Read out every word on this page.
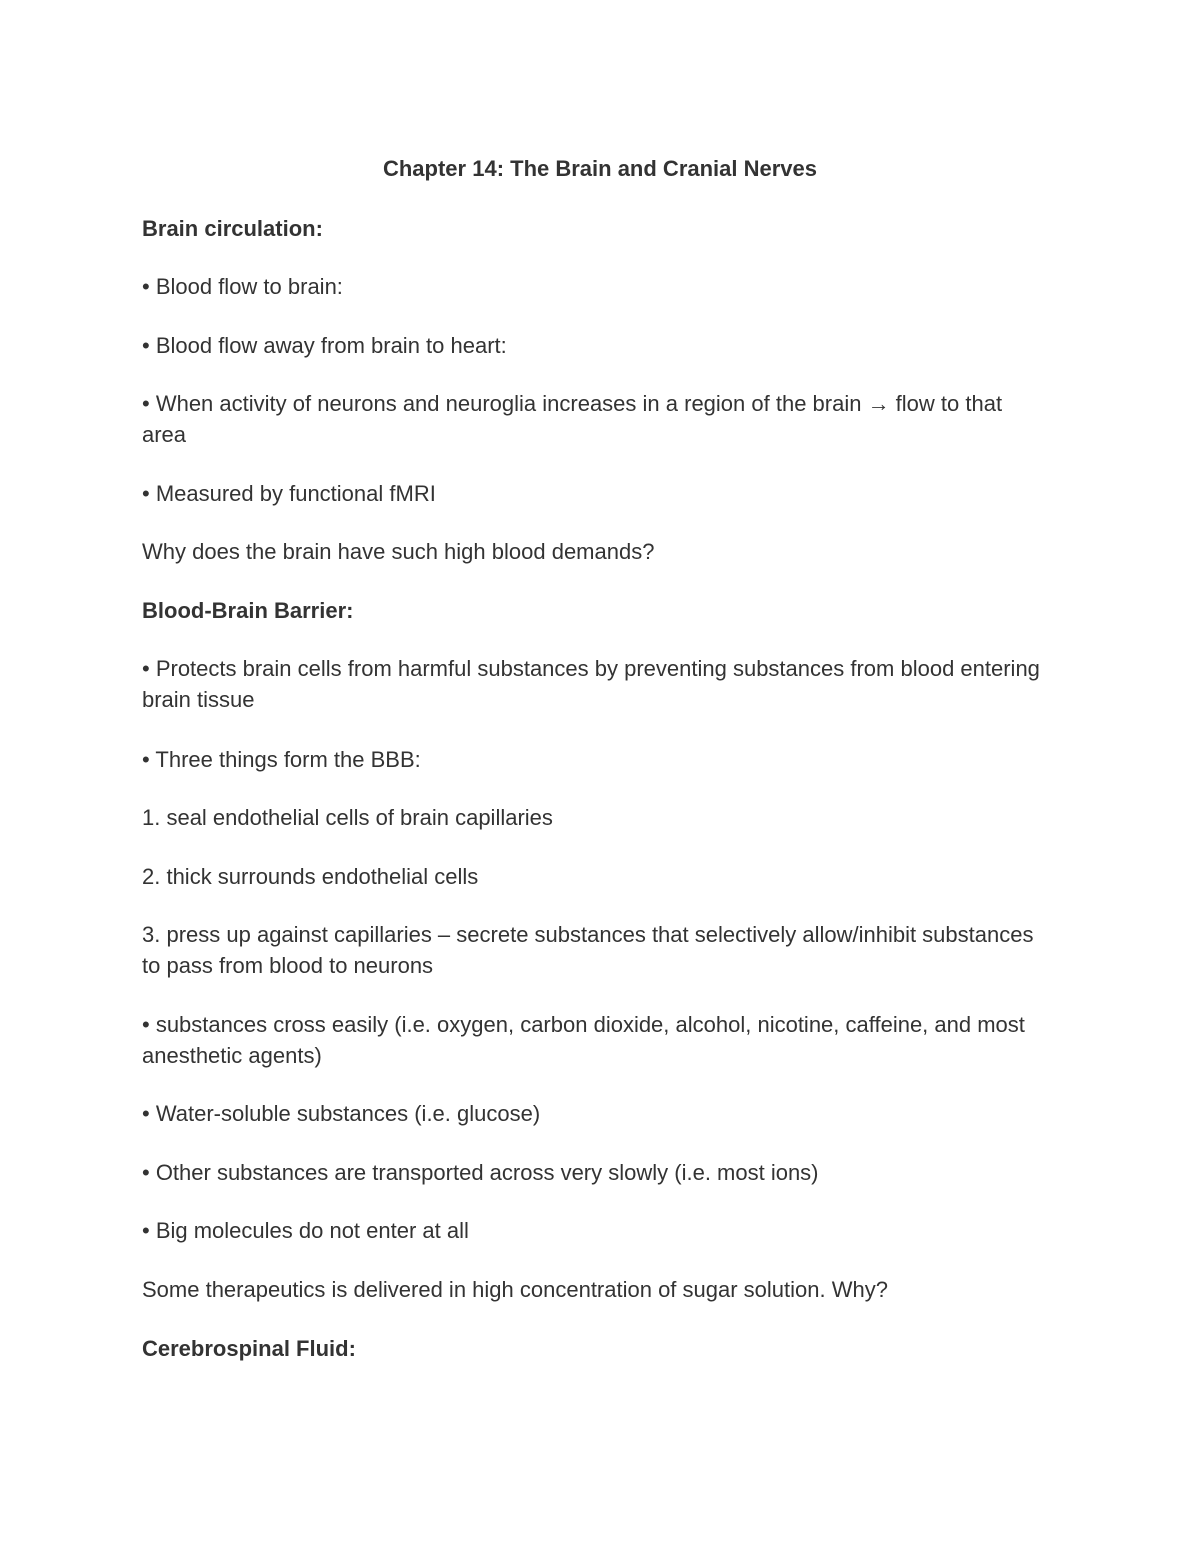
Chapter 14: The Brain and Cranial Nerves

Brain circulation:

• Blood flow to brain:

• Blood flow away from brain to heart:

• When activity of neurons and neuroglia increases in a region of the brain → flow to that area

• Measured by functional fMRI

Why does the brain have such high blood demands?

Blood-Brain Barrier:

• Protects brain cells from harmful substances by preventing substances from blood entering brain tissue

• Three things form the BBB:

1. seal endothelial cells of brain capillaries

2. thick surrounds endothelial cells

3. press up against capillaries – secrete substances that selectively allow/inhibit substances to pass from blood to neurons

• substances cross easily (i.e. oxygen, carbon dioxide, alcohol, nicotine, caffeine, and most anesthetic agents)

• Water-soluble substances (i.e. glucose)

• Other substances are transported across very slowly (i.e. most ions)

• Big molecules do not enter at all

Some therapeutics is delivered in high concentration of sugar solution. Why?

Cerebrospinal Fluid:
